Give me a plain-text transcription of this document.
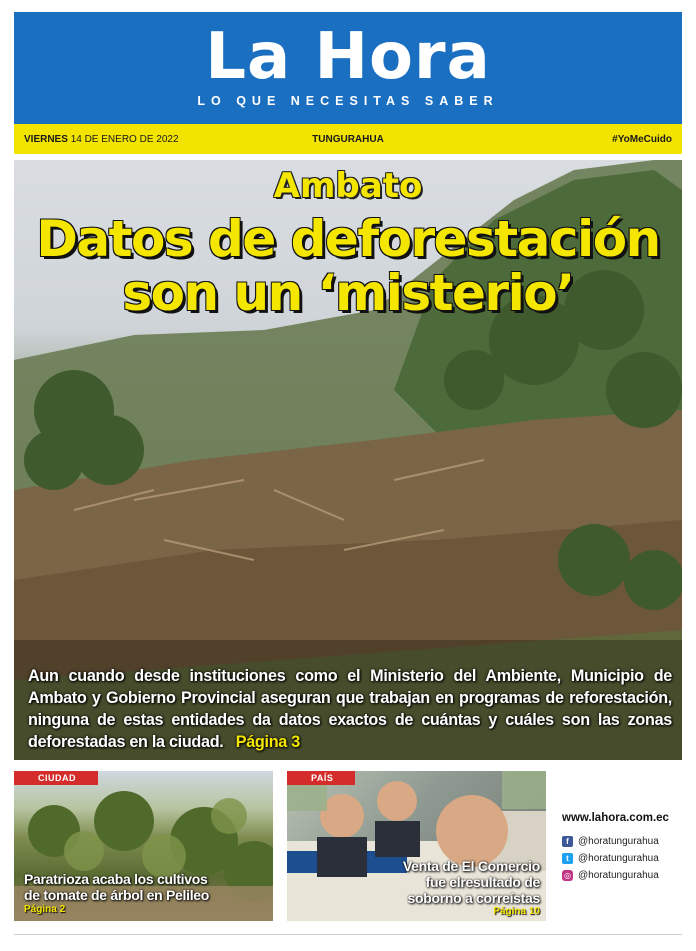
La Hora
LO QUE NECESITAS SABER
VIERNES 14 DE ENERO DE 2022	TUNGURAHUA	#YoMeCuido
Ambato
Datos de deforestación
son un ‘misterio’

Aun cuando desde instituciones como el Ministerio del Ambiente, Municipio de Ambato y Gobierno Provincial aseguran que trabajan en programas de reforestación, ninguna de estas entidades da datos exactos de cuántas y cuáles son las zonas deforestadas en la ciudad. Página 3

CIUDAD
Paratrioza acaba los cultivos
de tomate de árbol en Pelileo
Página 2
PAÍS
Venta de El Comercio
fue elresultado de
soborno a correístas
Página 10
www.lahora.com.ec
f @horatungurahua
t @horatungurahua
◎ @horatungurahua
